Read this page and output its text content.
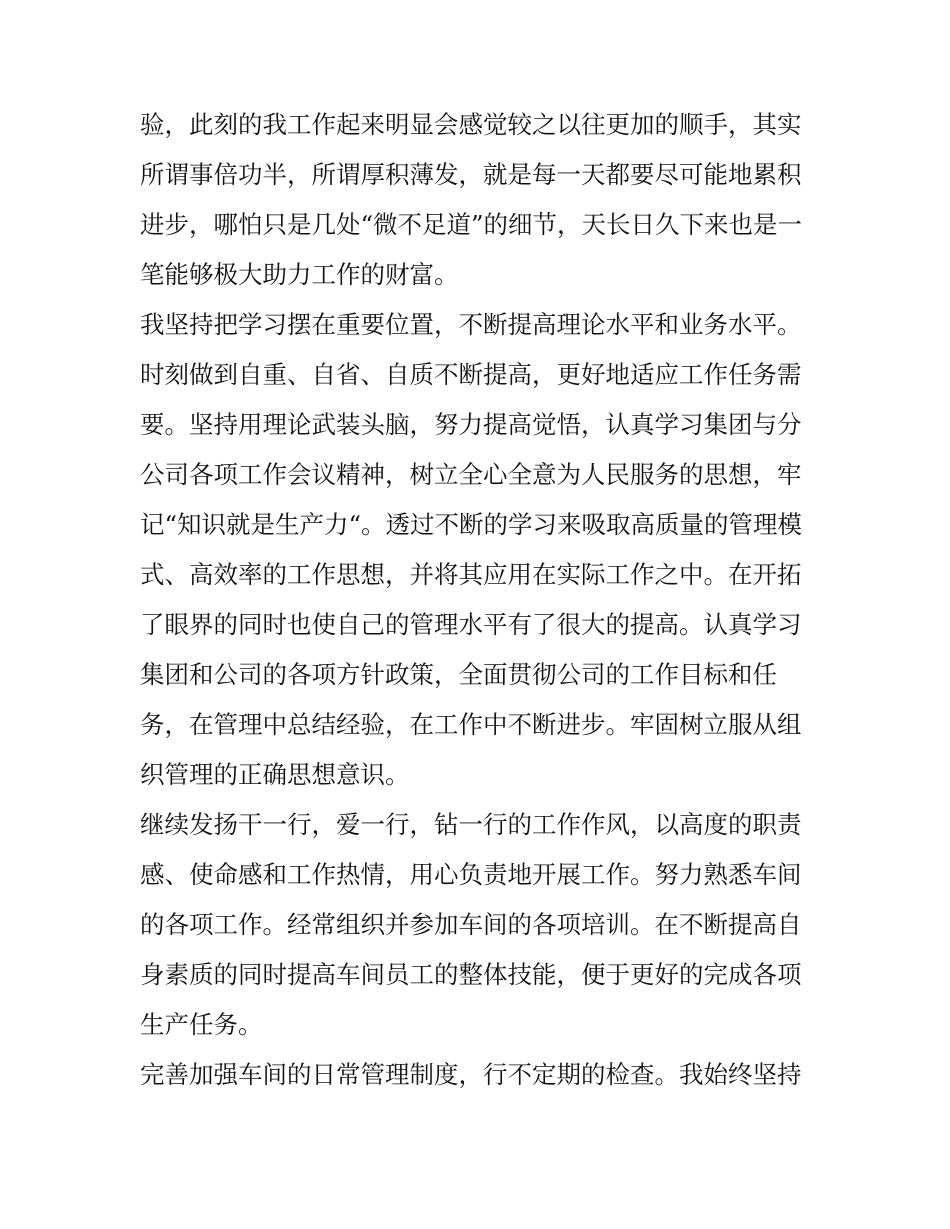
验，此刻的我工作起来明显会感觉较之以往更加的顺手，其实
所谓事倍功半，所谓厚积薄发，就是每一天都要尽可能地累积
进步，哪怕只是几处“微不足道”的细节，天长日久下来也是一
笔能够极大助力工作的财富。
我坚持把学习摆在重要位置，不断提高理论水平和业务水平。
时刻做到自重、自省、自质不断提高，更好地适应工作任务需
要。坚持用理论武装头脑，努力提高觉悟，认真学习集团与分
公司各项工作会议精神，树立全心全意为人民服务的思想，牢
记“知识就是生产力“。透过不断的学习来吸取高质量的管理模
式、高效率的工作思想，并将其应用在实际工作之中。在开拓
了眼界的同时也使自己的管理水平有了很大的提高。认真学习
集团和公司的各项方针政策，全面贯彻公司的工作目标和任
务，在管理中总结经验，在工作中不断进步。牢固树立服从组
织管理的正确思想意识。
继续发扬干一行，爱一行，钻一行的工作作风，以高度的职责
感、使命感和工作热情，用心负责地开展工作。努力熟悉车间
的各项工作。经常组织并参加车间的各项培训。在不断提高自
身素质的同时提高车间员工的整体技能，便于更好的完成各项
生产任务。
完善加强车间的日常管理制度，行不定期的检查。我始终坚持
